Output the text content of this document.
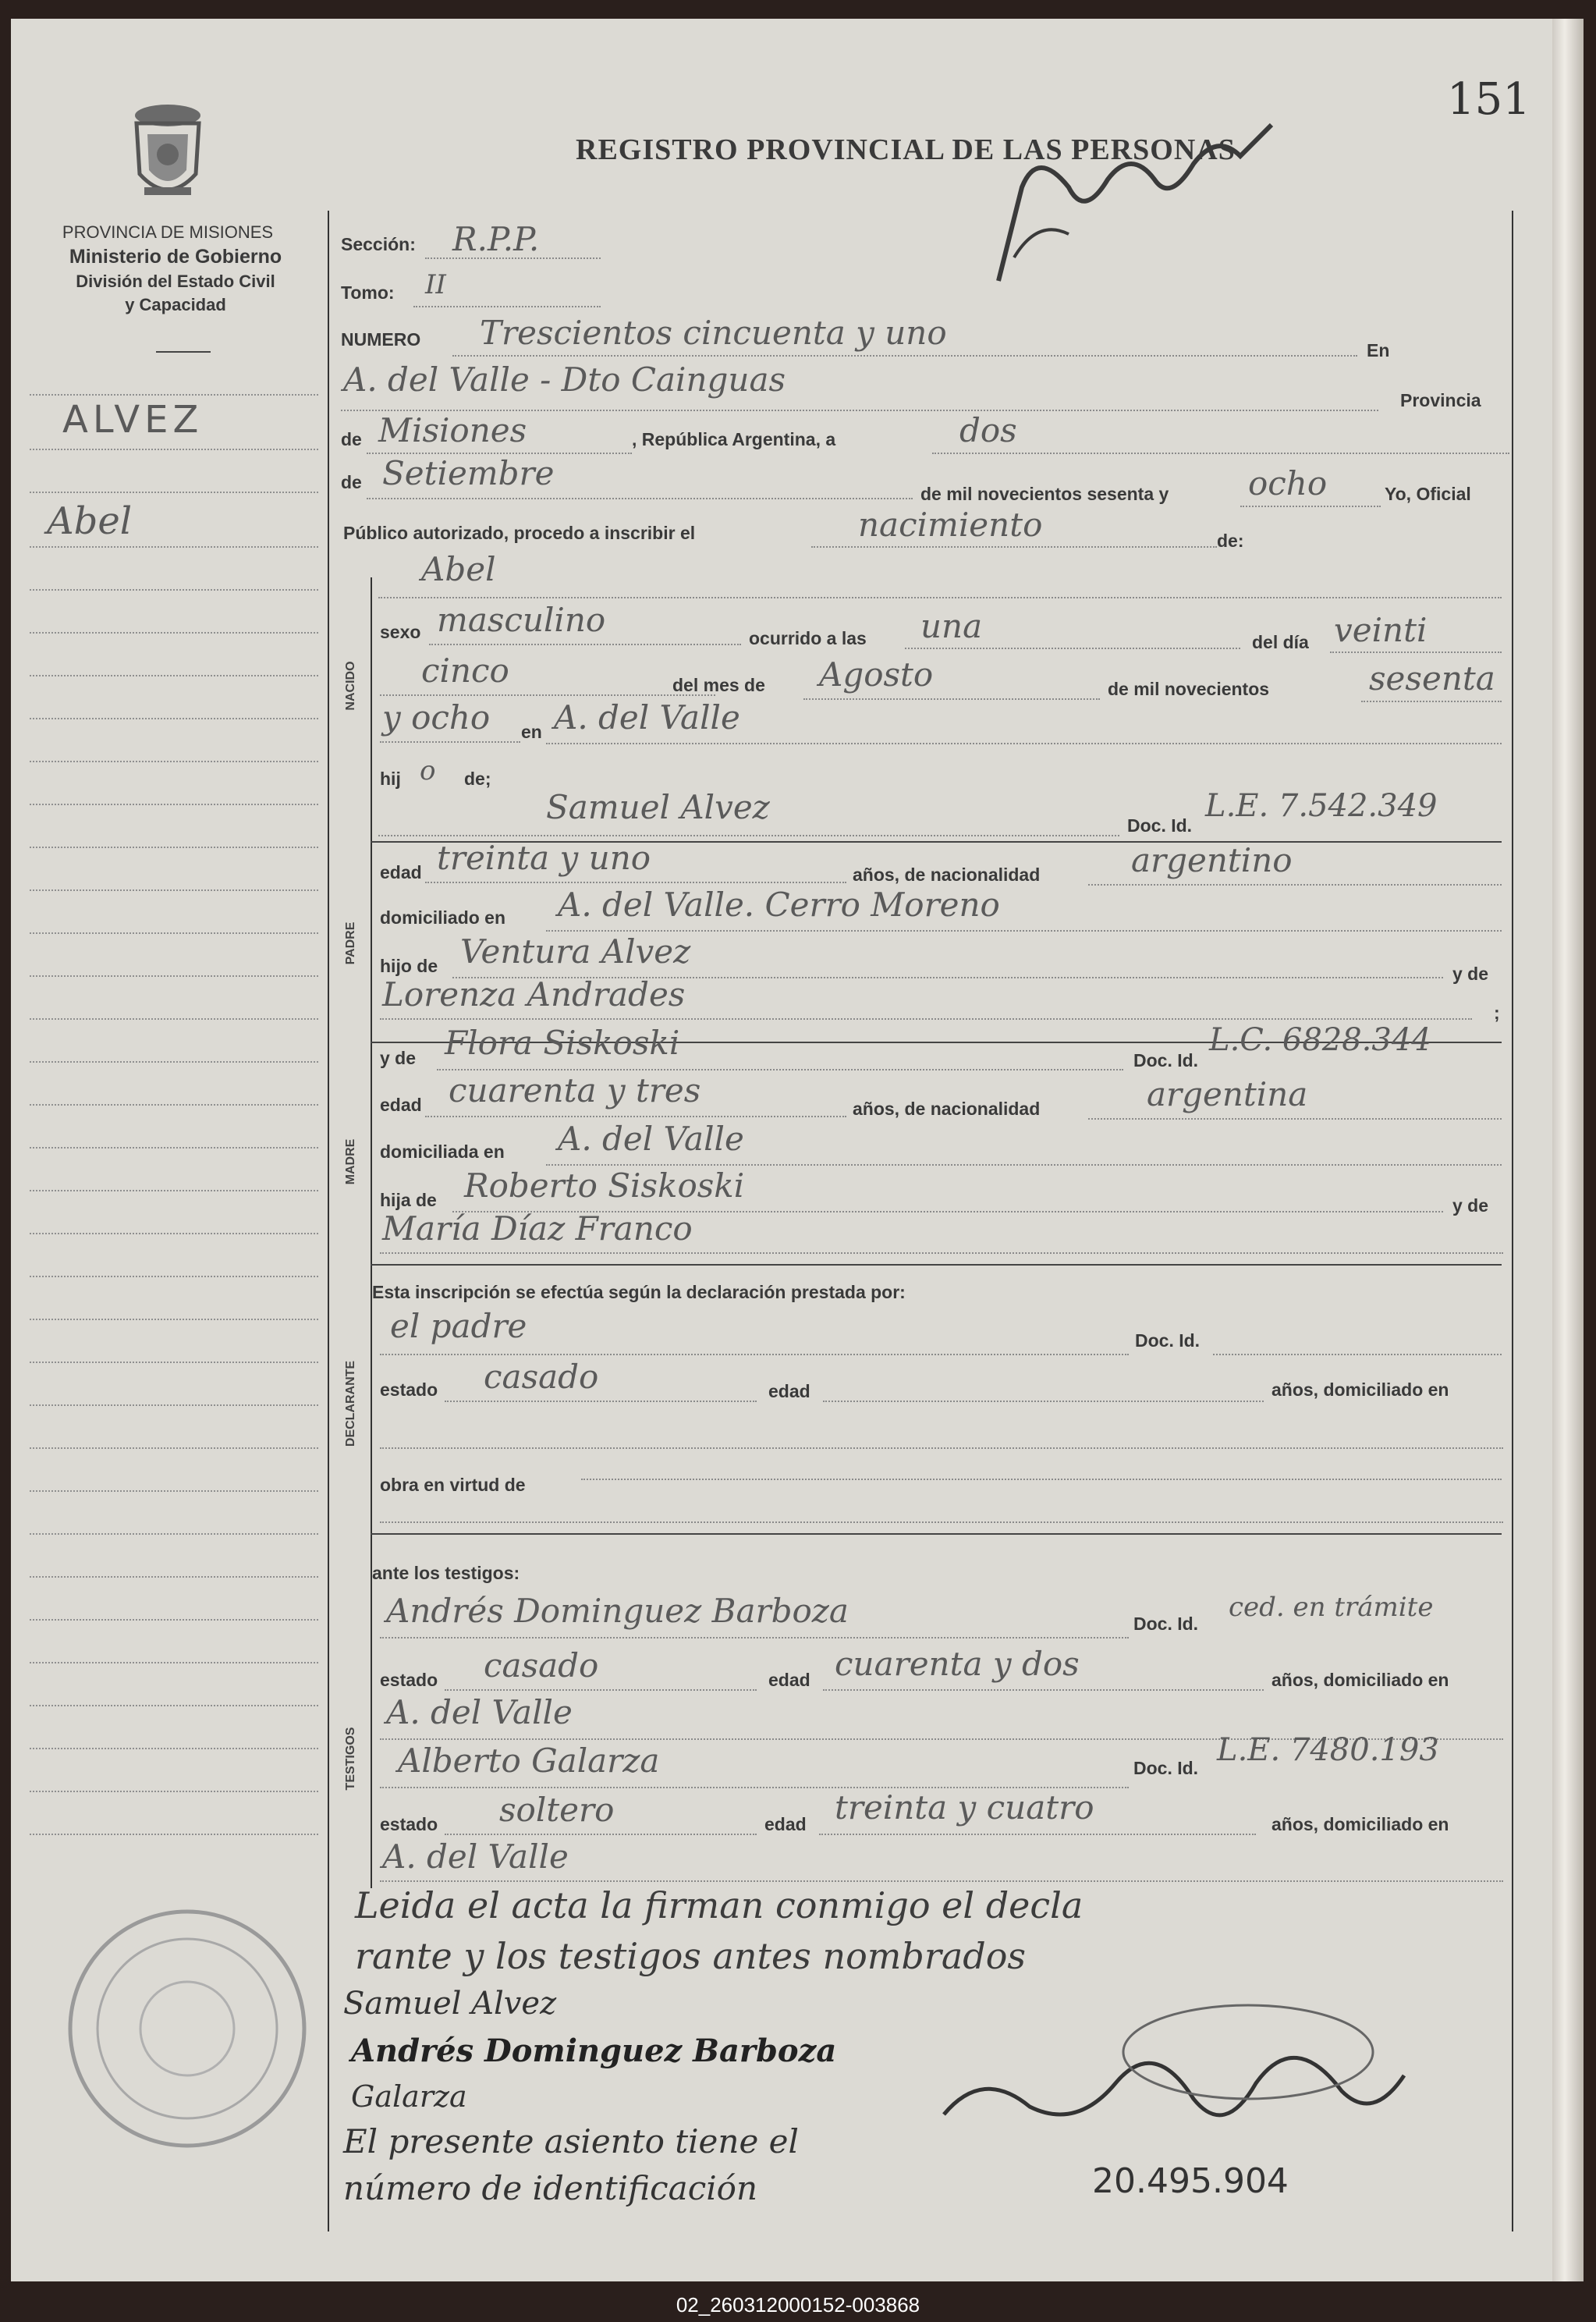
151
PROVINCIA DE MISIONES
Ministerio de Gobierno
División del Estado Civil
y Capacidad
REGISTRO PROVINCIAL DE LAS PERSONAS
ALVEZ
Abel
NACIDO
PADRE
MADRE
DECLARANTE
TESTIGOS
Sección: R.P.P.
Tomo: II
NUMERO Trescientos cincuenta y uno	En
A. del Valle - Dto Cainguas
Provincia
de Misiones	, República Argentina, a	dos
de Setiembre
de mil novecientos sesenta y ocho	Yo, Oficial
Público autorizado, procedo a inscribir el	nacimiento	de:
Abel
sexo masculino	ocurrido a las una	del día veinti
cinco	del mes de Agosto	de mil novecientos	sesenta
y ocho en A. del Valle
hij o de;
Samuel Alvez	Doc. Id.
L.E. 7.542.349
edad treinta y uno	años, de nacionalidad	argentino
domiciliado en A. del Valle. Cerro Moreno
hijo de Ventura Alvez
y de
Lorenza Andrades	;
y de Flora Siskoski	Doc. Id.
L.C. 6828.344
edad cuarenta y tres	años, de nacionalidad	argentina
domiciliada en A. del Valle
hija de Roberto Siskoski
y de
María Díaz Franco
Esta inscripción se efectúa según la declaración prestada por:
el padre	Doc. Id.
estado casado	edad	años, domiciliado en
obra en virtud de
ante los testigos:
Andrés Dominguez Barboza	Doc. Id.
ced. en trámite
estado casado	edad cuarenta y dos	años, domiciliado en
A. del Valle
Alberto Galarza	Doc. Id. L.E. 7480.193
estado soltero	edad treinta y cuatro	años, domiciliado en
A. del Valle
Leida el acta la firman conmigo el decla
rante y los testigos antes nombrados
Samuel Alvez
Andrés Dominguez Barboza
Galarza
El presente asiento tiene el
número de identificación	20.495.904
02_260312000152-003868
